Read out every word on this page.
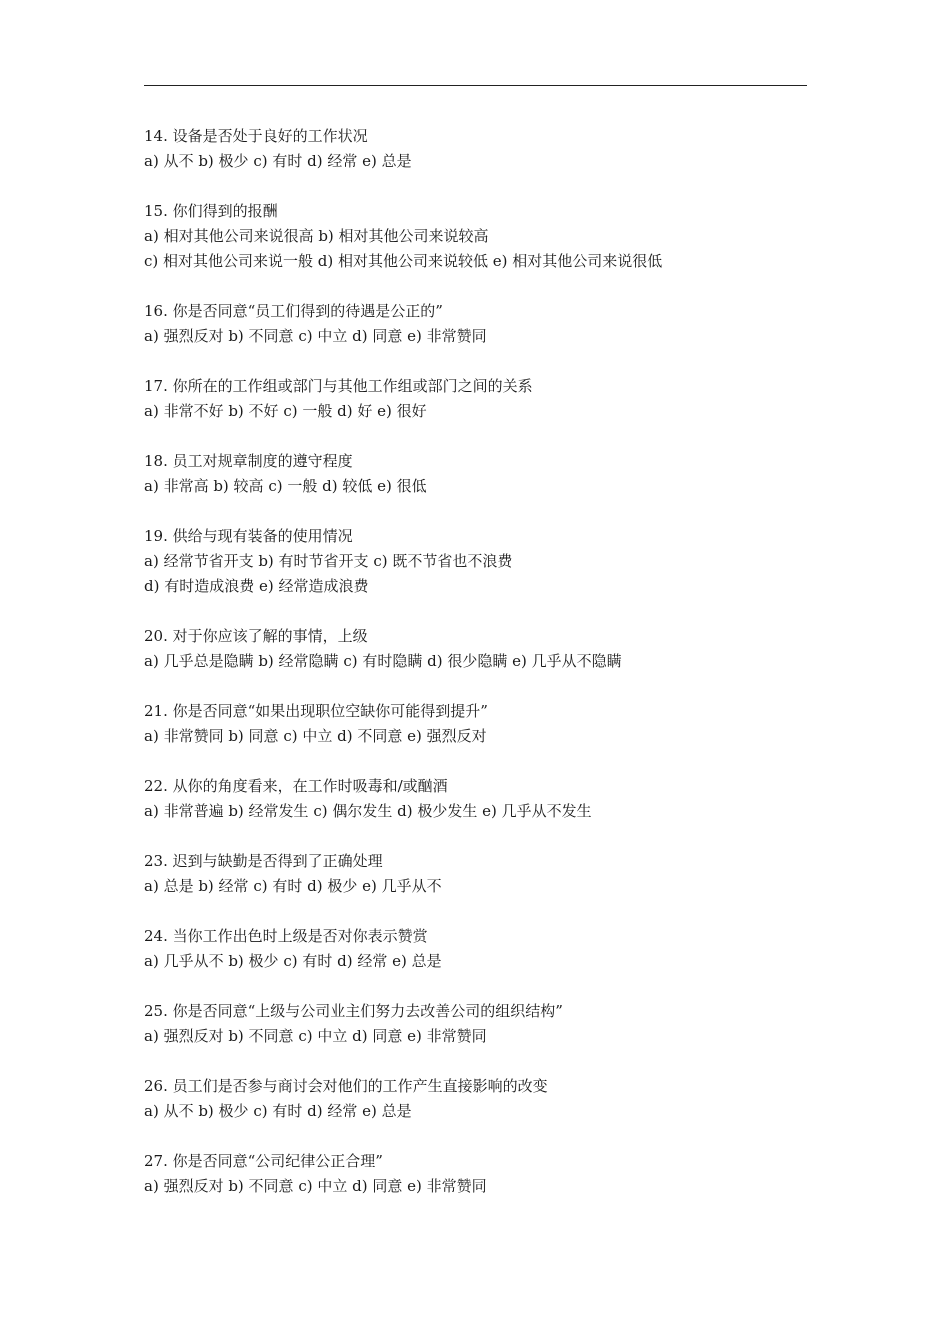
14. 设备是否处于良好的工作状况
a) 从不 b) 极少 c) 有时 d) 经常 e) 总是
15. 你们得到的报酬
a) 相对其他公司来说很高 b) 相对其他公司来说较高
c) 相对其他公司来说一般 d) 相对其他公司来说较低 e) 相对其他公司来说很低
16. 你是否同意“员工们得到的待遇是公正的”
a) 强烈反对 b) 不同意 c) 中立 d) 同意 e) 非常赞同
17. 你所在的工作组或部门与其他工作组或部门之间的关系
a) 非常不好 b) 不好 c) 一般 d) 好 e) 很好
18. 员工对规章制度的遵守程度
a) 非常高 b) 较高 c) 一般 d) 较低 e) 很低
19. 供给与现有装备的使用情况
a) 经常节省开支 b) 有时节省开支 c) 既不节省也不浪费
d) 有时造成浪费 e) 经常造成浪费
20. 对于你应该了解的事情，上级
a) 几乎总是隐瞒 b) 经常隐瞒 c) 有时隐瞒 d) 很少隐瞒 e) 几乎从不隐瞒
21. 你是否同意“如果出现职位空缺你可能得到提升”
a) 非常赞同 b) 同意 c) 中立 d) 不同意 e) 强烈反对
22. 从你的角度看来，在工作时吸毒和/或酗酒
a) 非常普遍 b) 经常发生 c) 偶尔发生 d) 极少发生 e) 几乎从不发生
23. 迟到与缺勤是否得到了正确处理
a) 总是 b) 经常 c) 有时 d) 极少 e) 几乎从不
24. 当你工作出色时上级是否对你表示赞赏
a) 几乎从不 b) 极少 c) 有时 d) 经常 e) 总是
25. 你是否同意“上级与公司业主们努力去改善公司的组织结构”
a) 强烈反对 b) 不同意 c) 中立 d) 同意 e) 非常赞同
26. 员工们是否参与商讨会对他们的工作产生直接影响的改变
a) 从不 b) 极少 c) 有时 d) 经常 e) 总是
27. 你是否同意“公司纪律公正合理”
a) 强烈反对 b) 不同意 c) 中立 d) 同意 e) 非常赞同
